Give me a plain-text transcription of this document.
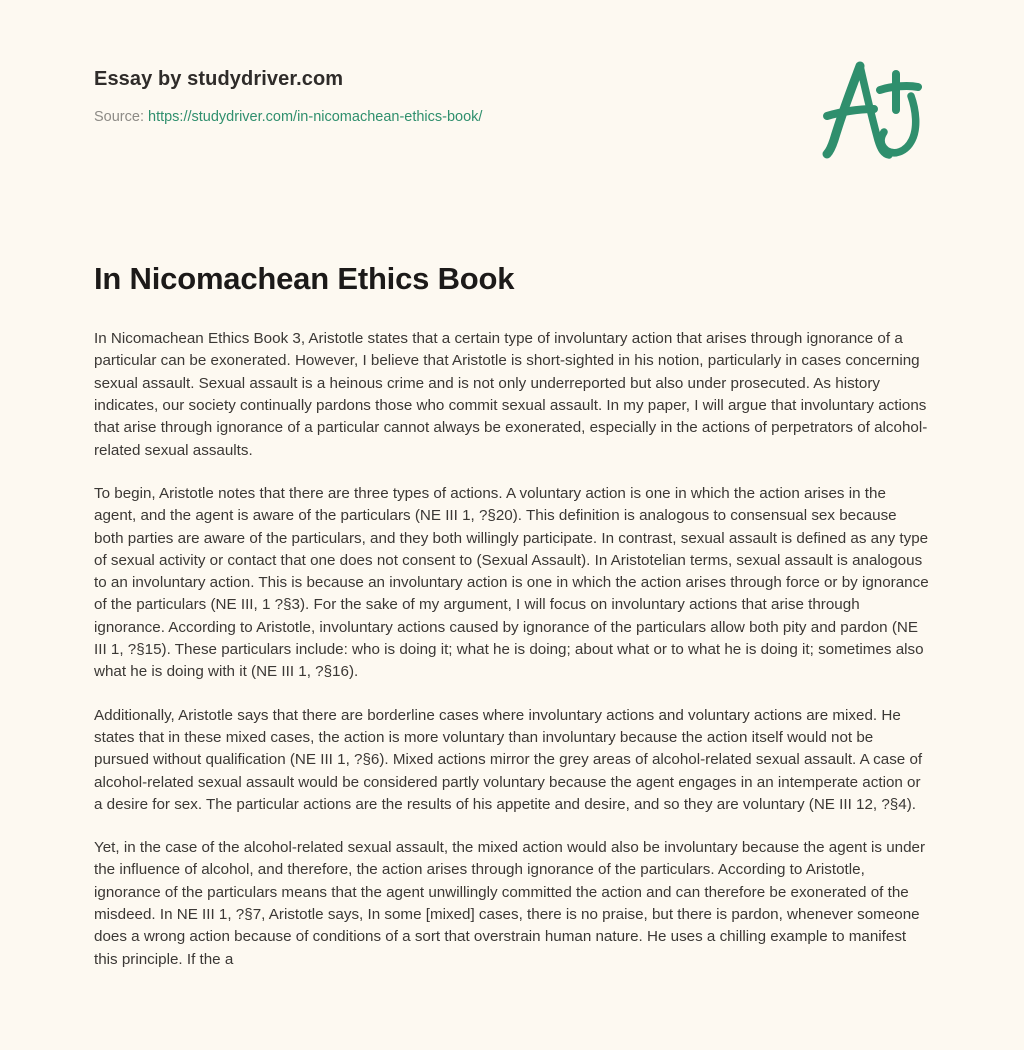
Essay by studydriver.com
Source: https://studydriver.com/in-nicomachean-ethics-book/
In Nicomachean Ethics Book

In Nicomachean Ethics Book 3, Aristotle states that a certain type of involuntary action that arises through ignorance of a particular can be exonerated. However, I believe that Aristotle is short-sighted in his notion, particularly in cases concerning sexual assault. Sexual assault is a heinous crime and is not only underreported but also under prosecuted. As history indicates, our society continually pardons those who commit sexual assault. In my paper, I will argue that involuntary actions that arise through ignorance of a particular cannot always be exonerated, especially in the actions of perpetrators of alcohol-related sexual assaults.

To begin, Aristotle notes that there are three types of actions. A voluntary action is one in which the action arises in the agent, and the agent is aware of the particulars (NE III 1, ?§20). This definition is analogous to consensual sex because both parties are aware of the particulars, and they both willingly participate. In contrast, sexual assault is defined as any type of sexual activity or contact that one does not consent to (Sexual Assault). In Aristotelian terms, sexual assault is analogous to an involuntary action. This is because an involuntary action is one in which the action arises through force or by ignorance of the particulars (NE III, 1 ?§3). For the sake of my argument, I will focus on involuntary actions that arise through ignorance. According to Aristotle, involuntary actions caused by ignorance of the particulars allow both pity and pardon (NE III 1, ?§15). These particulars include: who is doing it; what he is doing; about what or to what he is doing it; sometimes also what he is doing with it (NE III 1, ?§16).

Additionally, Aristotle says that there are borderline cases where involuntary actions and voluntary actions are mixed. He states that in these mixed cases, the action is more voluntary than involuntary because the action itself would not be pursued without qualification (NE III 1, ?§6). Mixed actions mirror the grey areas of alcohol-related sexual assault. A case of alcohol-related sexual assault would be considered partly voluntary because the agent engages in an intemperate action or a desire for sex. The particular actions are the results of his appetite and desire, and so they are voluntary (NE III 12, ?§4).

Yet, in the case of the alcohol-related sexual assault, the mixed action would also be involuntary because the agent is under the influence of alcohol, and therefore, the action arises through ignorance of the particulars. According to Aristotle, ignorance of the particulars means that the agent unwillingly committed the action and can therefore be exonerated of the misdeed. In NE III 1, ?§7, Aristotle says, In some [mixed] cases, there is no praise, but there is pardon, whenever someone does a wrong action because of conditions of a sort that overstrain human nature. He uses a chilling example to manifest this principle. If the a
